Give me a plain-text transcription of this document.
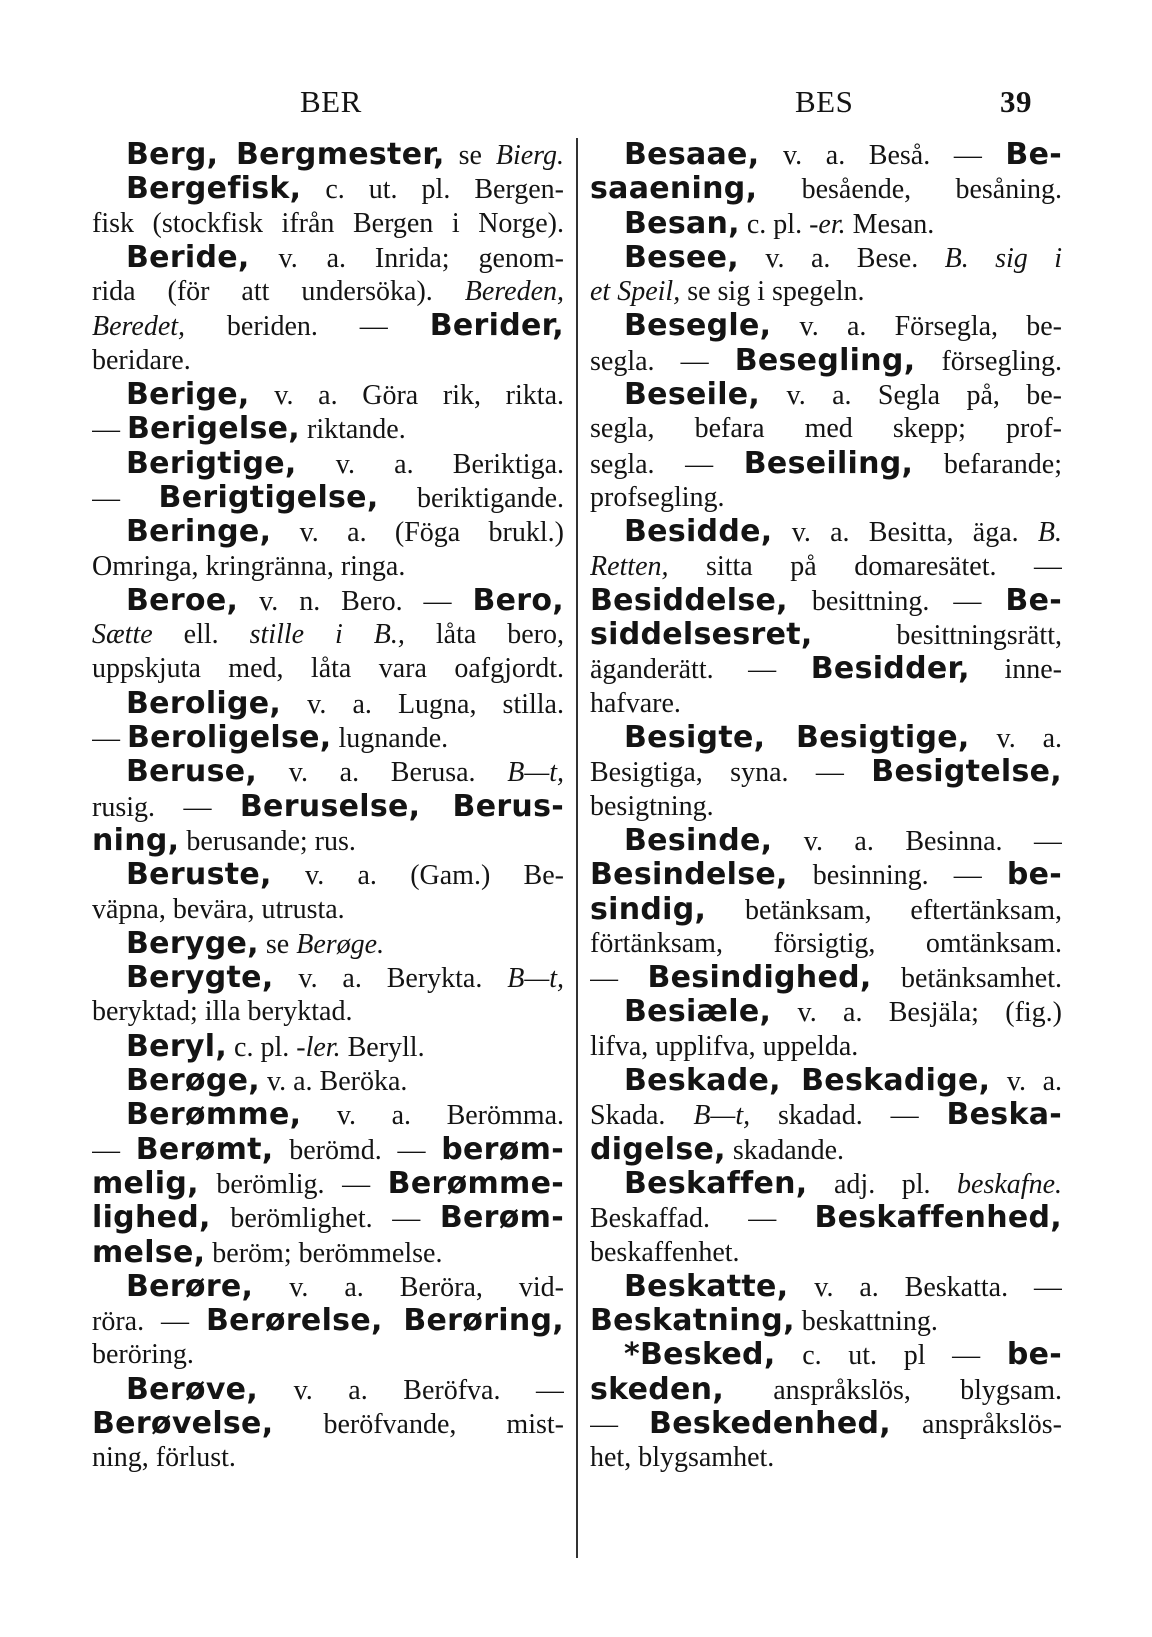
BER	BES	39
Berg, Bergmester, se Bierg.
Bergefisk, c. ut. pl. Bergen-
fisk (stockfisk ifrån Bergen i Norge).
Beride, v. a. Inrida; genom-
rida (för att undersöka). Bereden,
Beredet, beriden. — Berider,
beridare.
Berige, v. a. Göra rik, rikta.
— Berigelse, riktande.
Berigtige, v. a. Beriktiga.
— Berigtigelse, beriktigande.
Beringe, v. a. (Föga brukl.)
Omringa, kringränna, ringa.
Beroe, v. n. Bero. — Bero,
Sætte ell. stille i B., låta bero,
uppskjuta med, låta vara oafgjordt.
Berolige, v. a. Lugna, stilla.
— Beroligelse, lugnande.
Beruse, v. a. Berusa. B—t,
rusig. — Beruselse, Berus-
ning, berusande; rus.
Beruste, v. a. (Gam.) Be-
väpna, bevära, utrusta.
Beryge, se Berøge.
Berygte, v. a. Berykta. B—t,
beryktad; illa beryktad.
Beryl, c. pl. -ler. Beryll.
Berøge, v. a. Beröka.
Berømme, v. a. Berömma.
— Berømt, berömd. — berøm-
melig, berömlig. — Berømme-
lighed, berömlighet. — Berøm-
melse, beröm; berömmelse.
Berøre, v. a. Beröra, vid-
röra. — Berørelse, Berøring,
beröring.
Berøve, v. a. Beröfva. —
Berøvelse, beröfvande, mist-
ning, förlust.
Besaae, v. a. Beså. — Be-
saaening, besående, besåning.
Besan, c. pl. -er. Mesan.
Besee, v. a. Bese. B. sig i
et Speil, se sig i spegeln.
Besegle, v. a. Försegla, be-
segla. — Besegling, försegling.
Beseile, v. a. Segla på, be-
segla, befara med skepp; prof-
segla. — Beseiling, befarande;
profsegling.
Besidde, v. a. Besitta, äga. B.
Retten, sitta på domaresätet. —
Besiddelse, besittning. — Be-
siddelsesret, besittningsrätt,
äganderätt. — Besidder, inne-
hafvare.
Besigte, Besigtige, v. a.
Besigtiga, syna. — Besigtelse,
besigtning.
Besinde, v. a. Besinna. —
Besindelse, besinning. — be-
sindig, betänksam, eftertänksam,
förtänksam, försigtig, omtänksam.
— Besindighed, betänksamhet.
Besiæle, v. a. Besjäla; (fig.)
lifva, upplifva, uppelda.
Beskade, Beskadige, v. a.
Skada. B—t, skadad. — Beska-
digelse, skadande.
Beskaffen, adj. pl. beskafne.
Beskaffad. — Beskaffenhed,
beskaffenhet.
Beskatte, v. a. Beskatta. —
Beskatning, beskattning.
*Besked, c. ut. pl — be-
skeden, anspråkslös, blygsam.
— Beskedenhed, anspråkslös-
het, blygsamhet.
